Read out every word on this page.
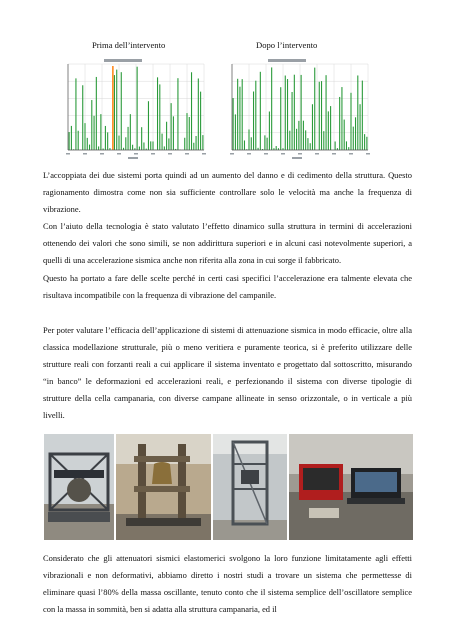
Prima dell’intervento	Dopo l’intervento

L’accoppiata dei due sistemi porta quindi ad un aumento del danno e di cedimento della struttura. Questo ragionamento dimostra come non sia sufficiente controllare solo le velocità ma anche la frequenza di vibrazione.

Con l’aiuto della tecnologia è stato valutato l’effetto dinamico sulla struttura in termini di accelerazioni ottenendo dei valori che sono simili, se non addirittura superiori e in alcuni casi notevolmente superiori, a quelli di una accelerazione sismica anche non riferita alla zona in cui sorge il fabbricato.

Questo ha portato a fare delle scelte perché in certi casi specifici l’accelerazione era talmente elevata che risultava incompatibile con la frequenza di vibrazione del campanile.

Per poter valutare l’efficacia dell’applicazione di sistemi di attenuazione sismica in modo efficacie, oltre alla classica modellazione strutturale, più o meno veritiera e puramente teorica, si è preferito utilizzare delle strutture reali con forzanti reali a cui applicare il sistema inventato e progettato dal sottoscritto, misurando “in banco” le deformazioni ed accelerazioni reali, e perfezionando il sistema con diverse tipologie di strutture della cella campanaria, con diverse campane allineate in senso orizzontale, o in verticale a più livelli.

Considerato che gli attenuatori sismici elastomerici svolgono la loro funzione limitatamente agli effetti vibrazionali e non deformativi, abbiamo diretto i nostri studi a trovare un sistema che permettesse di eliminare quasi l’80% della massa oscillante, tenuto conto che il sistema semplice dell’oscillatore semplice con la massa in sommità, ben si adatta alla struttura campanaria, ed il
